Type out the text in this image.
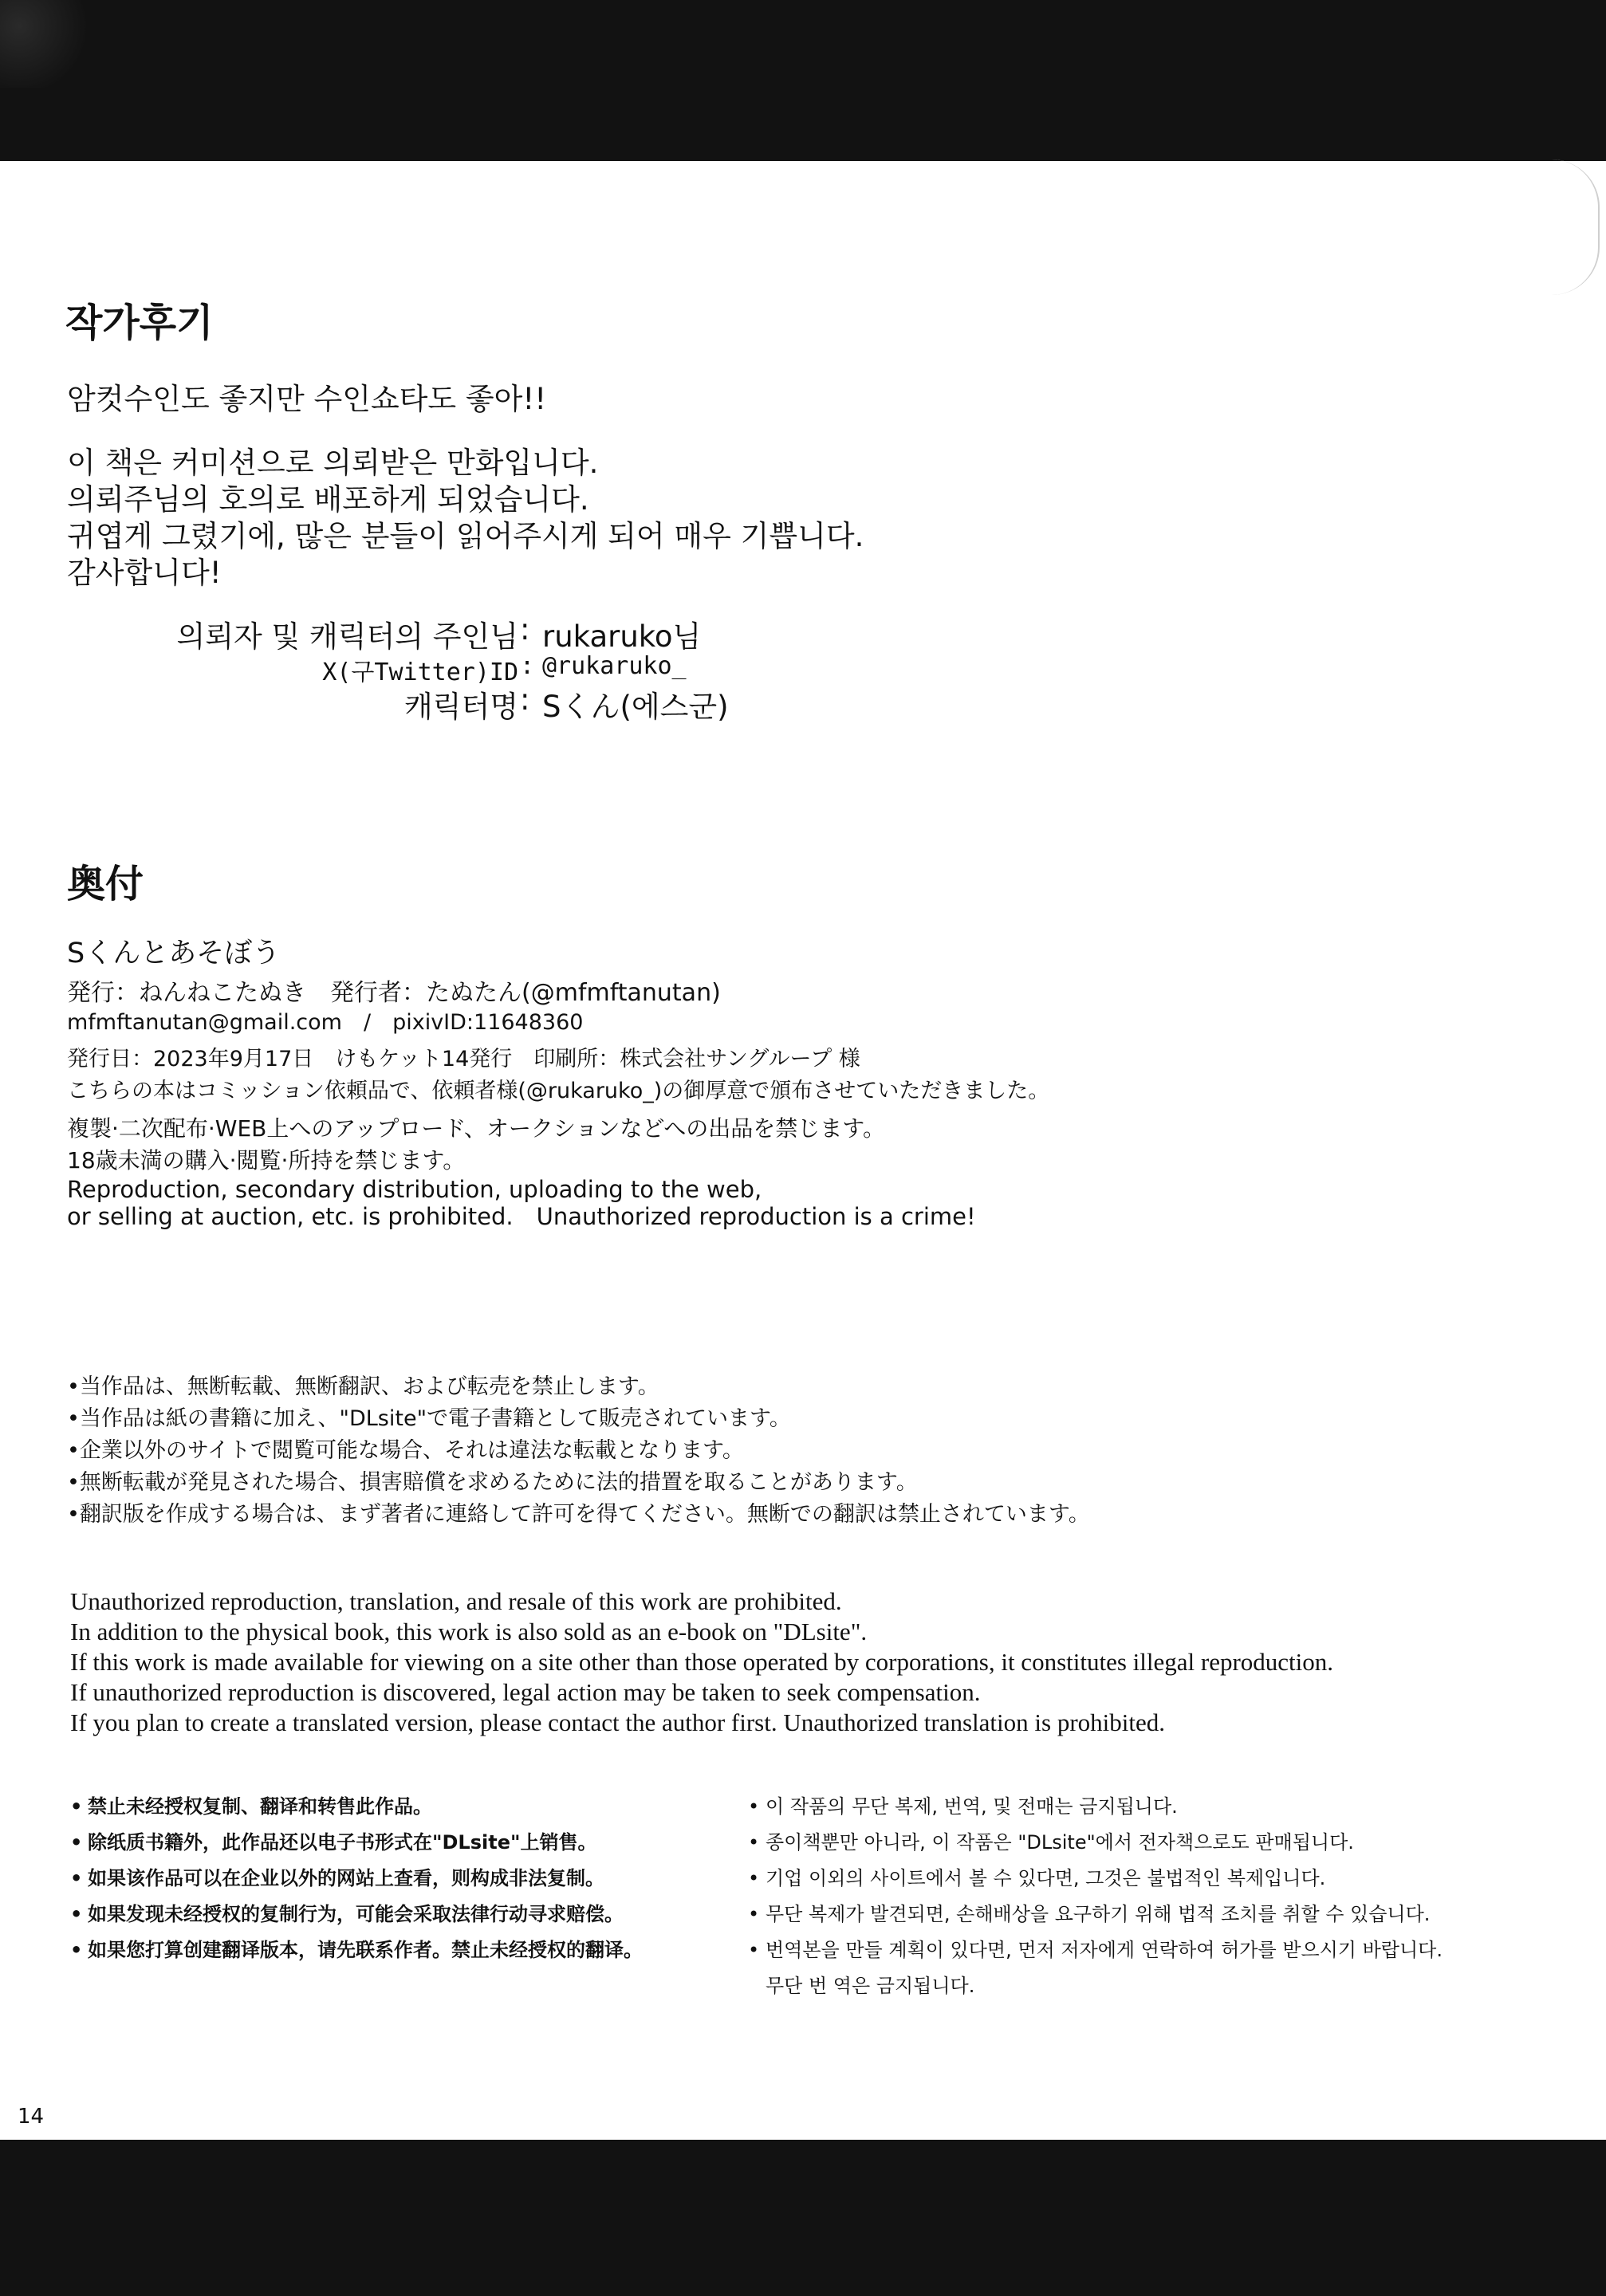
작가후기
암컷수인도 좋지만 수인쇼타도 좋아!!
이 책은 커미션으로 의뢰받은 만화입니다.
의뢰주님의 호의로 배포하게 되었습니다.
귀엽게 그렸기에, 많은 분들이 읽어주시게 되어 매우 기쁩니다.
감사합니다!
의뢰자 및 캐릭터의 주인님 : rukaruko님
X(구Twitter)ID : @rukaruko_
캐릭터명 : Sくん(에스군)
奥付
Sくんとあそぼう
発行：ねんねこたぬき　発行者：たぬたん(@mfmftanutan)
mfmftanutan@gmail.com　/　pixivID:11648360
発行日：2023年9月17日　けもケット14発行　印刷所：株式会社サングループ 様
こちらの本はコミッション依頼品で、依頼者様(@rukaruko_)の御厚意で頒布させていただきました。
複製·二次配布·WEB上へのアップロード、オークションなどへの出品を禁じます。
18歳未満の購入·閲覧·所持を禁じます。
Reproduction, secondary distribution, uploading to the web,
or selling at auction, etc. is prohibited.　Unauthorized reproduction is a crime!
•当作品は、無断転載、無断翻訳、および転売を禁止します。
•当作品は紙の書籍に加え、"DLsite"で電子書籍として販売されています。
•企業以外のサイトで閲覧可能な場合、それは違法な転載となります。
•無断転載が発見された場合、損害賠償を求めるために法的措置を取ることがあります。
•翻訳版を作成する場合は、まず著者に連絡して許可を得てください。無断での翻訳は禁止されています。
Unauthorized reproduction, translation, and resale of this work are prohibited.
In addition to the physical book, this work is also sold as an e-book on "DLsite".
If this work is made available for viewing on a site other than those operated by corporations, it constitutes illegal reproduction.
If unauthorized reproduction is discovered, legal action may be taken to seek compensation.
If you plan to create a translated version, please contact the author first. Unauthorized translation is prohibited.
• 禁止未经授权复制、翻译和转售此作品。
• 除纸质书籍外，此作品还以电子书形式在"DLsite"上销售。
• 如果该作品可以在企业以外的网站上查看，则构成非法复制。
• 如果发现未经授权的复制行为，可能会采取法律行动寻求赔偿。
• 如果您打算创建翻译版本，请先联系作者。禁止未经授权的翻译。
• 이 작품의 무단 복제, 번역, 및 전매는 금지됩니다.
• 종이책뿐만 아니라, 이 작품은 "DLsite"에서 전자책으로도 판매됩니다.
• 기업 이외의 사이트에서 볼 수 있다면, 그것은 불법적인 복제입니다.
• 무단 복제가 발견되면, 손해배상을 요구하기 위해 법적 조치를 취할 수 있습니다.
• 번역본을 만들 계획이 있다면, 먼저 저자에게 연락하여 허가를 받으시기 바랍니다.
무단 번 역은 금지됩니다.
14
